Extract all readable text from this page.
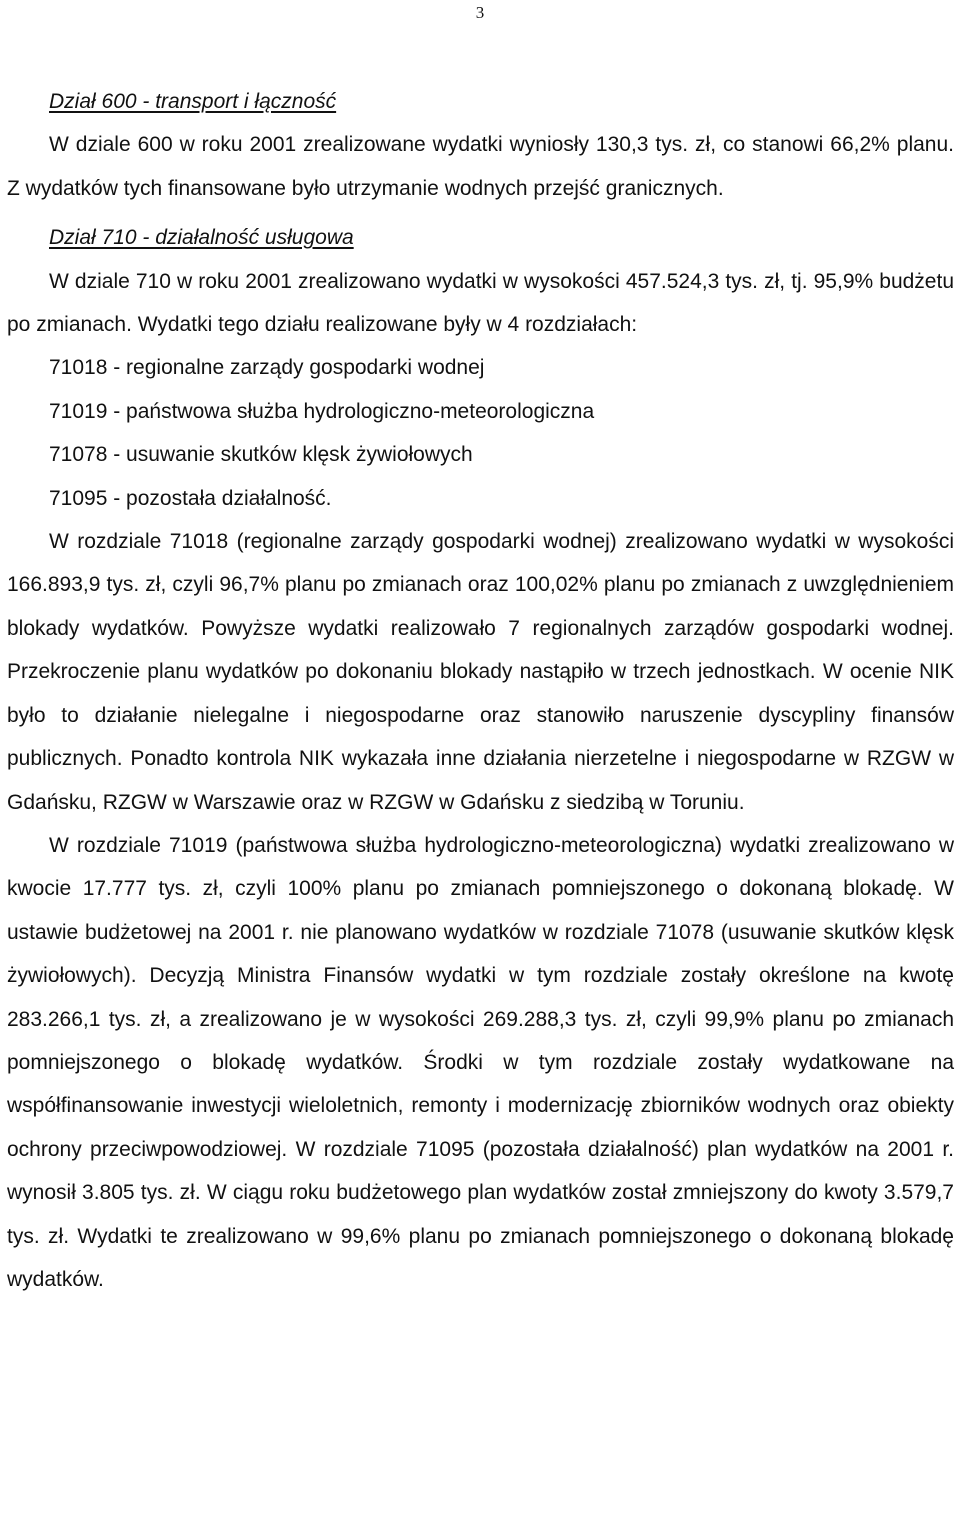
3

Dział 600 - transport i łączność

W dziale 600 w roku 2001 zrealizowane wydatki wyniosły 130,3 tys. zł, co stanowi 66,2% planu. Z wydatków tych finansowane było utrzymanie wodnych przejść granicznych.

Dział 710 - działalność usługowa

W dziale 710 w roku 2001 zrealizowano wydatki w wysokości 457.524,3 tys. zł, tj. 95,9% budżetu po zmianach. Wydatki tego działu realizowane były w 4 rozdziałach:

71018 - regionalne zarządy gospodarki wodnej
71019 - państwowa służba hydrologiczno-meteorologiczna
71078 - usuwanie skutków klęsk żywiołowych
71095 - pozostała działalność.

W rozdziale 71018 (regionalne zarządy gospodarki wodnej) zrealizowano wydatki w wysokości 166.893,9 tys. zł, czyli 96,7% planu po zmianach oraz 100,02% planu po zmianach z uwzględnieniem blokady wydatków. Powyższe wydatki realizowało 7 regionalnych zarządów gospodarki wodnej. Przekroczenie planu wydatków po dokonaniu blokady nastąpiło w trzech jednostkach. W ocenie NIK było to działanie nielegalne i niegospodarne oraz stanowiło naruszenie dyscypliny finansów publicznych. Ponadto kontrola NIK wykazała inne działania nierzetelne i niegospodarne w RZGW w Gdańsku, RZGW w Warszawie oraz w RZGW w Gdańsku z siedzibą w Toruniu.

W rozdziale 71019 (państwowa służba hydrologiczno-meteorologiczna) wydatki zrealizowano w kwocie 17.777 tys. zł, czyli 100% planu po zmianach pomniejszonego o dokonaną blokadę. W ustawie budżetowej na 2001 r. nie planowano wydatków w rozdziale 71078 (usuwanie skutków klęsk żywiołowych). Decyzją Ministra Finansów wydatki w tym rozdziale zostały określone na kwotę 283.266,1 tys. zł, a zrealizowano je w wysokości 269.288,3 tys. zł, czyli 99,9% planu po zmianach pomniejszonego o blokadę wydatków. Środki w tym rozdziale zostały wydatkowane na współfinansowanie inwestycji wieloletnich, remonty i modernizację zbiorników wodnych oraz obiekty ochrony przeciwpowodziowej. W rozdziale 71095 (pozostała działalność) plan wydatków na 2001 r. wynosił 3.805 tys. zł. W ciągu roku budżetowego plan wydatków został zmniejszony do kwoty 3.579,7 tys. zł. Wydatki te zrealizowano w 99,6% planu po zmianach pomniejszonego o dokonaną blokadę wydatków.
